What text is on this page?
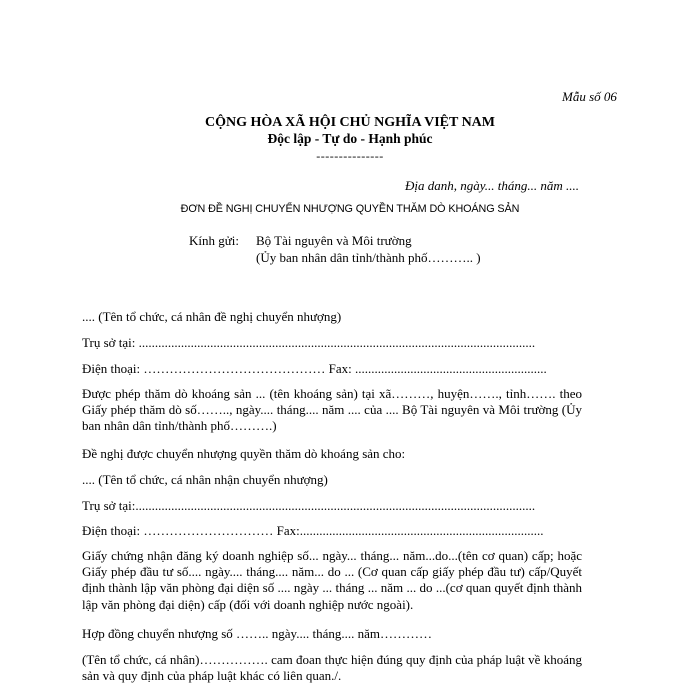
Mẫu số 06
CỘNG HÒA XÃ HỘI CHỦ NGHĨA VIỆT NAM
Độc lập - Tự do - Hạnh phúc
---------------
Địa danh, ngày... tháng... năm ....
ĐƠN ĐỀ NGHỊ CHUYỂN NHƯỢNG QUYỀN THĂM DÒ KHOÁNG SẢN
Kính gửi: Bộ Tài nguyên và Môi trường
(Ủy ban nhân dân tỉnh/thành phố……….. )
.... (Tên tổ chức, cá nhân đề nghị chuyển nhượng)
Trụ sở tại: ..........................................................................................................................
Điện thoại: …………………………………… Fax: ...........................................................
Được phép thăm dò khoáng sản ... (tên khoáng sản) tại xã………, huyện……., tỉnh……. theo Giấy phép thăm dò số…….., ngày.... tháng.... năm .... của .... Bộ Tài nguyên và Môi trường (Ủy ban nhân dân tỉnh/thành phố……….)
Đề nghị được chuyển nhượng quyền thăm dò khoáng sản cho:
.... (Tên tổ chức, cá nhân nhận chuyển nhượng)
Trụ sở tại:...........................................................................................................................
Điện thoại: ………………………… Fax:...........................................................................
Giấy chứng nhận đăng ký doanh nghiệp số... ngày... tháng... năm...do...(tên cơ quan) cấp; hoặc Giấy phép đầu tư số.... ngày.... tháng.... năm... do ... (Cơ quan cấp giấy phép đầu tư) cấp/Quyết định thành lập văn phòng đại diện số .... ngày ... tháng ... năm ... do ...(cơ quan quyết định thành lập văn phòng đại diện) cấp (đối với doanh nghiệp nước ngoài).
Hợp đồng chuyển nhượng số …….. ngày.... tháng.... năm…………
(Tên tổ chức, cá nhân)……………. cam đoan thực hiện đúng quy định của pháp luật về khoáng sản và quy định của pháp luật khác có liên quan./.
